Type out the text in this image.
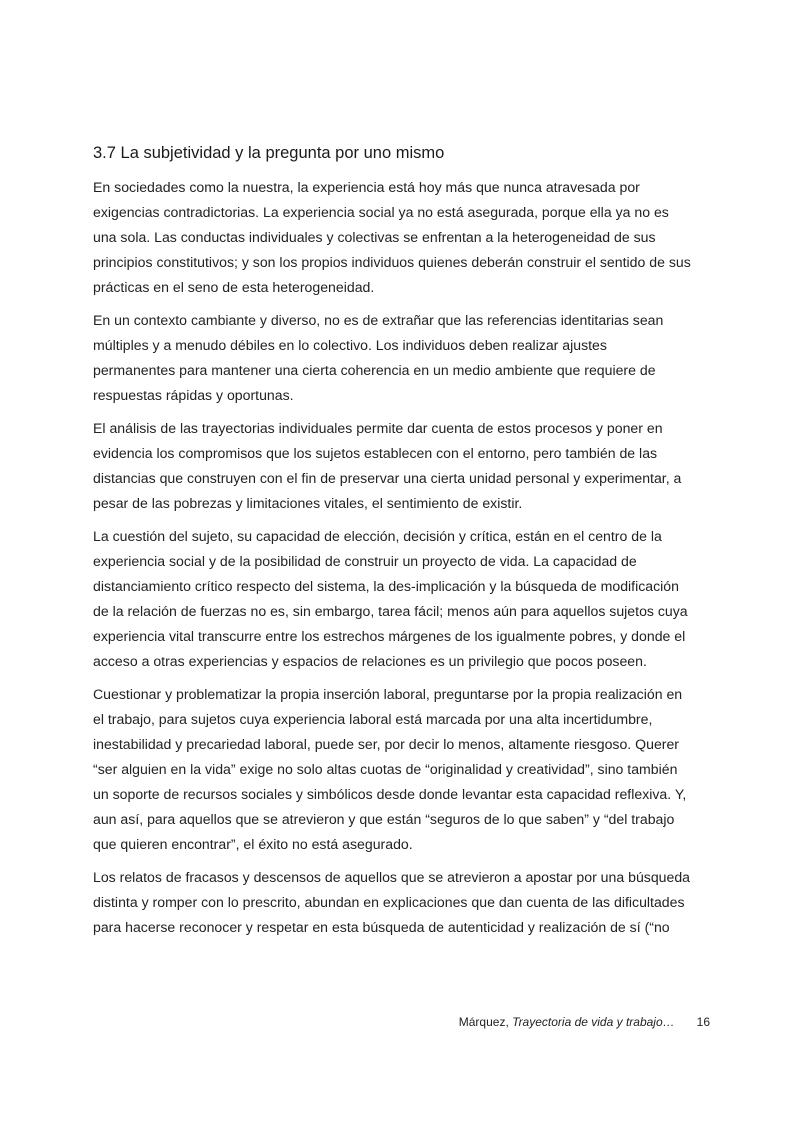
3.7 La subjetividad y la pregunta por uno mismo

En sociedades como la nuestra, la experiencia está hoy más que nunca atravesada por
exigencias contradictorias. La experiencia social ya no está asegurada, porque ella ya no es
una sola. Las conductas individuales y colectivas se enfrentan a la heterogeneidad de sus
principios constitutivos; y son los propios individuos quienes deberán construir el sentido de sus
prácticas en el seno de esta heterogeneidad.

En un contexto cambiante y diverso, no es de extrañar que las referencias identitarias sean
múltiples y a menudo débiles en lo colectivo. Los individuos deben realizar ajustes
permanentes para mantener una cierta coherencia en un medio ambiente que requiere de
respuestas rápidas y oportunas.

El análisis de las trayectorias individuales permite dar cuenta de estos procesos y poner en
evidencia los compromisos que los sujetos establecen con el entorno, pero también de las
distancias que construyen con el fin de preservar una cierta unidad personal y experimentar, a
pesar de las pobrezas y limitaciones vitales, el sentimiento de existir.

La cuestión del sujeto, su capacidad de elección, decisión y crítica, están en el centro de la
experiencia social y de la posibilidad de construir un proyecto de vida. La capacidad de
distanciamiento crítico respecto del sistema, la des-implicación y la búsqueda de modificación
de la relación de fuerzas no es, sin embargo, tarea fácil; menos aún para aquellos sujetos cuya
experiencia vital transcurre entre los estrechos márgenes de los igualmente pobres, y donde el
acceso a otras experiencias y espacios de relaciones es un privilegio que pocos poseen.

Cuestionar y problematizar la propia inserción laboral, preguntarse por la propia realización en
el trabajo, para sujetos cuya experiencia laboral está marcada por una alta incertidumbre,
inestabilidad y precariedad laboral, puede ser, por decir lo menos, altamente riesgoso. Querer
“ser alguien en la vida” exige no solo altas cuotas de “originalidad y creatividad”, sino también
un soporte de recursos sociales y simbólicos desde donde levantar esta capacidad reflexiva. Y,
aun así, para aquellos que se atrevieron y que están “seguros de lo que saben” y “del trabajo
que quieren encontrar”, el éxito no está asegurado.

Los relatos de fracasos y descensos de aquellos que se atrevieron a apostar por una búsqueda
distinta y romper con lo prescrito, abundan en explicaciones que dan cuenta de las dificultades
para hacerse reconocer y respetar en esta búsqueda de autenticidad y realización de sí (“no

Márquez, Trayectoria de vida y trabajo… 16
